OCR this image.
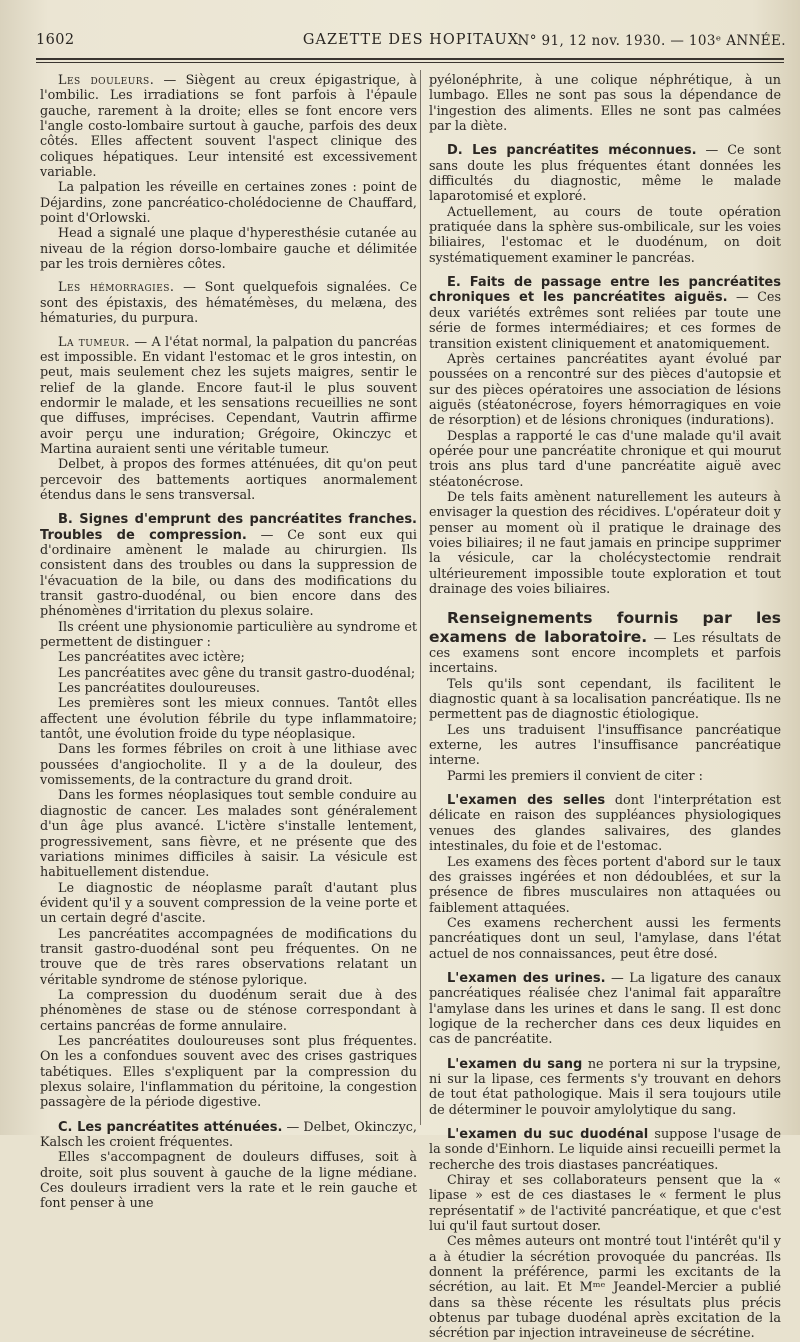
1602	GAZETTE DES HOPITAUX
N° 91, 12 nov. 1930. — 103ᵉ ANNÉE.

Les douleurs. — Siègent au creux épigastrique, à l'ombilic. Les irradiations se font parfois à l'épaule gauche, rarement à la droite; elles se font encore vers l'angle costo-lombaire surtout à gauche, parfois des deux côtés. Elles affectent souvent l'aspect clinique des coliques hépatiques. Leur intensité est excessivement variable.

La palpation les réveille en certaines zones : point de Déjardins, zone pancréatico-cholédocienne de Chauffard, point d'Orlowski.

Head a signalé une plaque d'hyperesthésie cutanée au niveau de la région dorso-lombaire gauche et délimitée par les trois dernières côtes.

Les hémorragies. — Sont quelquefois signalées. Ce sont des épistaxis, des hématémèses, du melæna, des hématuries, du purpura.

La tumeur. — A l'état normal, la palpation du pancréas est impossible. En vidant l'estomac et le gros intestin, on peut, mais seulement chez les sujets maigres, sentir le relief de la glande. Encore faut-il le plus souvent endormir le malade, et les sensations recueillies ne sont que diffuses, imprécises. Cependant, Vautrin affirme avoir perçu une induration; Grégoire, Okinczyc et Martina auraient senti une véritable tumeur.

Delbet, à propos des formes atténuées, dit qu'on peut percevoir des battements aortiques anormalement étendus dans le sens transversal.

B. Signes d'emprunt des pancréatites franches. Troubles de compression. — Ce sont eux qui d'ordinaire amènent le malade au chirurgien. Ils consistent dans des troubles ou dans la suppression de l'évacuation de la bile, ou dans des modifications du transit gastro-duodénal, ou bien encore dans des phénomènes d'irritation du plexus solaire.

Ils créent une physionomie particulière au syndrome et permettent de distinguer :

Les pancréatites avec ictère;

Les pancréatites avec gêne du transit gastro-duodénal;

Les pancréatites douloureuses.

Les premières sont les mieux connues. Tantôt elles affectent une évolution fébrile du type inflammatoire; tantôt, une évolution froide du type néoplasique.

Dans les formes fébriles on croit à une lithiase avec poussées d'angiocholite. Il y a de la douleur, des vomissements, de la contracture du grand droit.

Dans les formes néoplasiques tout semble conduire au diagnostic de cancer. Les malades sont généralement d'un âge plus avancé. L'ictère s'installe lentement, progressivement, sans fièvre, et ne présente que des variations minimes difficiles à saisir. La vésicule est habituellement distendue.

Le diagnostic de néoplasme paraît d'autant plus évident qu'il y a souvent compression de la veine porte et un certain degré d'ascite.

Les pancréatites accompagnées de modifications du transit gastro-duodénal sont peu fréquentes. On ne trouve que de très rares observations relatant un véritable syndrome de sténose pylorique.

La compression du duodénum serait due à des phénomènes de stase ou de sténose correspondant à certains pancréas de forme annulaire.

Les pancréatites douloureuses sont plus fréquentes. On les a confondues souvent avec des crises gastriques tabétiques. Elles s'expliquent par la compression du plexus solaire, l'inflammation du péritoine, la congestion passagère de la période digestive.

C. Les pancréatites atténuées. — Delbet, Okinczyc, Kalsch les croient fréquentes.

Elles s'accompagnent de douleurs diffuses, soit à droite, soit plus souvent à gauche de la ligne médiane. Ces douleurs irradient vers la rate et le rein gauche et font penser à une

pyélonéphrite, à une colique néphrétique, à un lumbago. Elles ne sont pas sous la dépendance de l'ingestion des aliments. Elles ne sont pas calmées par la diète.

D. Les pancréatites méconnues. — Ce sont sans doute les plus fréquentes étant données les difficultés du diagnostic, même le malade laparotomisé et exploré.

Actuellement, au cours de toute opération pratiquée dans la sphère sus-ombilicale, sur les voies biliaires, l'estomac et le duodénum, on doit systématiquement examiner le pancréas.

E. Faits de passage entre les pancréatites chroniques et les pancréatites aiguës. — Ces deux variétés extrêmes sont reliées par toute une série de formes intermédiaires; et ces formes de transition existent cliniquement et anatomiquement.

Après certaines pancréatites ayant évolué par poussées on a rencontré sur des pièces d'autopsie et sur des pièces opératoires une association de lésions aiguës (stéatonécrose, foyers hémorragiques en voie de résorption) et de lésions chroniques (indurations).

Desplas a rapporté le cas d'une malade qu'il avait opérée pour une pancréatite chronique et qui mourut trois ans plus tard d'une pancréatite aiguë avec stéatonécrose.

De tels faits amènent naturellement les auteurs à envisager la question des récidives. L'opérateur doit y penser au moment où il pratique le drainage des voies biliaires; il ne faut jamais en principe supprimer la vésicule, car la cholécystectomie rendrait ultérieurement impossible toute exploration et tout drainage des voies biliaires.

Renseignements fournis par les examens de laboratoire. — Les résultats de ces examens sont encore incomplets et parfois incertains.

Tels qu'ils sont cependant, ils facilitent le diagnostic quant à sa localisation pancréatique. Ils ne permettent pas de diagnostic étiologique.

Les uns traduisent l'insuffisance pancréatique externe, les autres l'insuffisance pancréatique interne.

Parmi les premiers il convient de citer :

L'examen des selles dont l'interprétation est délicate en raison des suppléances physiologiques venues des glandes salivaires, des glandes intestinales, du foie et de l'estomac.

Les examens des fèces portent d'abord sur le taux des graisses ingérées et non dédoublées, et sur la présence de fibres musculaires non attaquées ou faiblement attaquées.

Ces examens recherchent aussi les ferments pancréatiques dont un seul, l'amylase, dans l'état actuel de nos connaissances, peut être dosé.

L'examen des urines. — La ligature des canaux pancréatiques réalisée chez l'animal fait apparaître l'amylase dans les urines et dans le sang. Il est donc logique de la rechercher dans ces deux liquides en cas de pancréatite.

L'examen du sang ne portera ni sur la trypsine, ni sur la lipase, ces ferments s'y trouvant en dehors de tout état pathologique. Mais il sera toujours utile de déterminer le pouvoir amylolytique du sang.

L'examen du suc duodénal suppose l'usage de la sonde d'Einhorn. Le liquide ainsi recueilli permet la recherche des trois diastases pancréatiques.

Chiray et ses collaborateurs pensent que la « lipase » est de ces diastases le « ferment le plus représentatif » de l'activité pancréatique, et que c'est lui qu'il faut surtout doser.

Ces mêmes auteurs ont montré tout l'intérêt qu'il y a à étudier la sécrétion provoquée du pancréas. Ils donnent la préférence, parmi les excitants de la sécrétion, au lait. Et Mᵐᵉ Jeandel-Mercier a publié dans sa thèse récente les résultats plus précis obtenus par tubage duodénal après excitation de la sécrétion par injection intraveineuse de sécrétine.
